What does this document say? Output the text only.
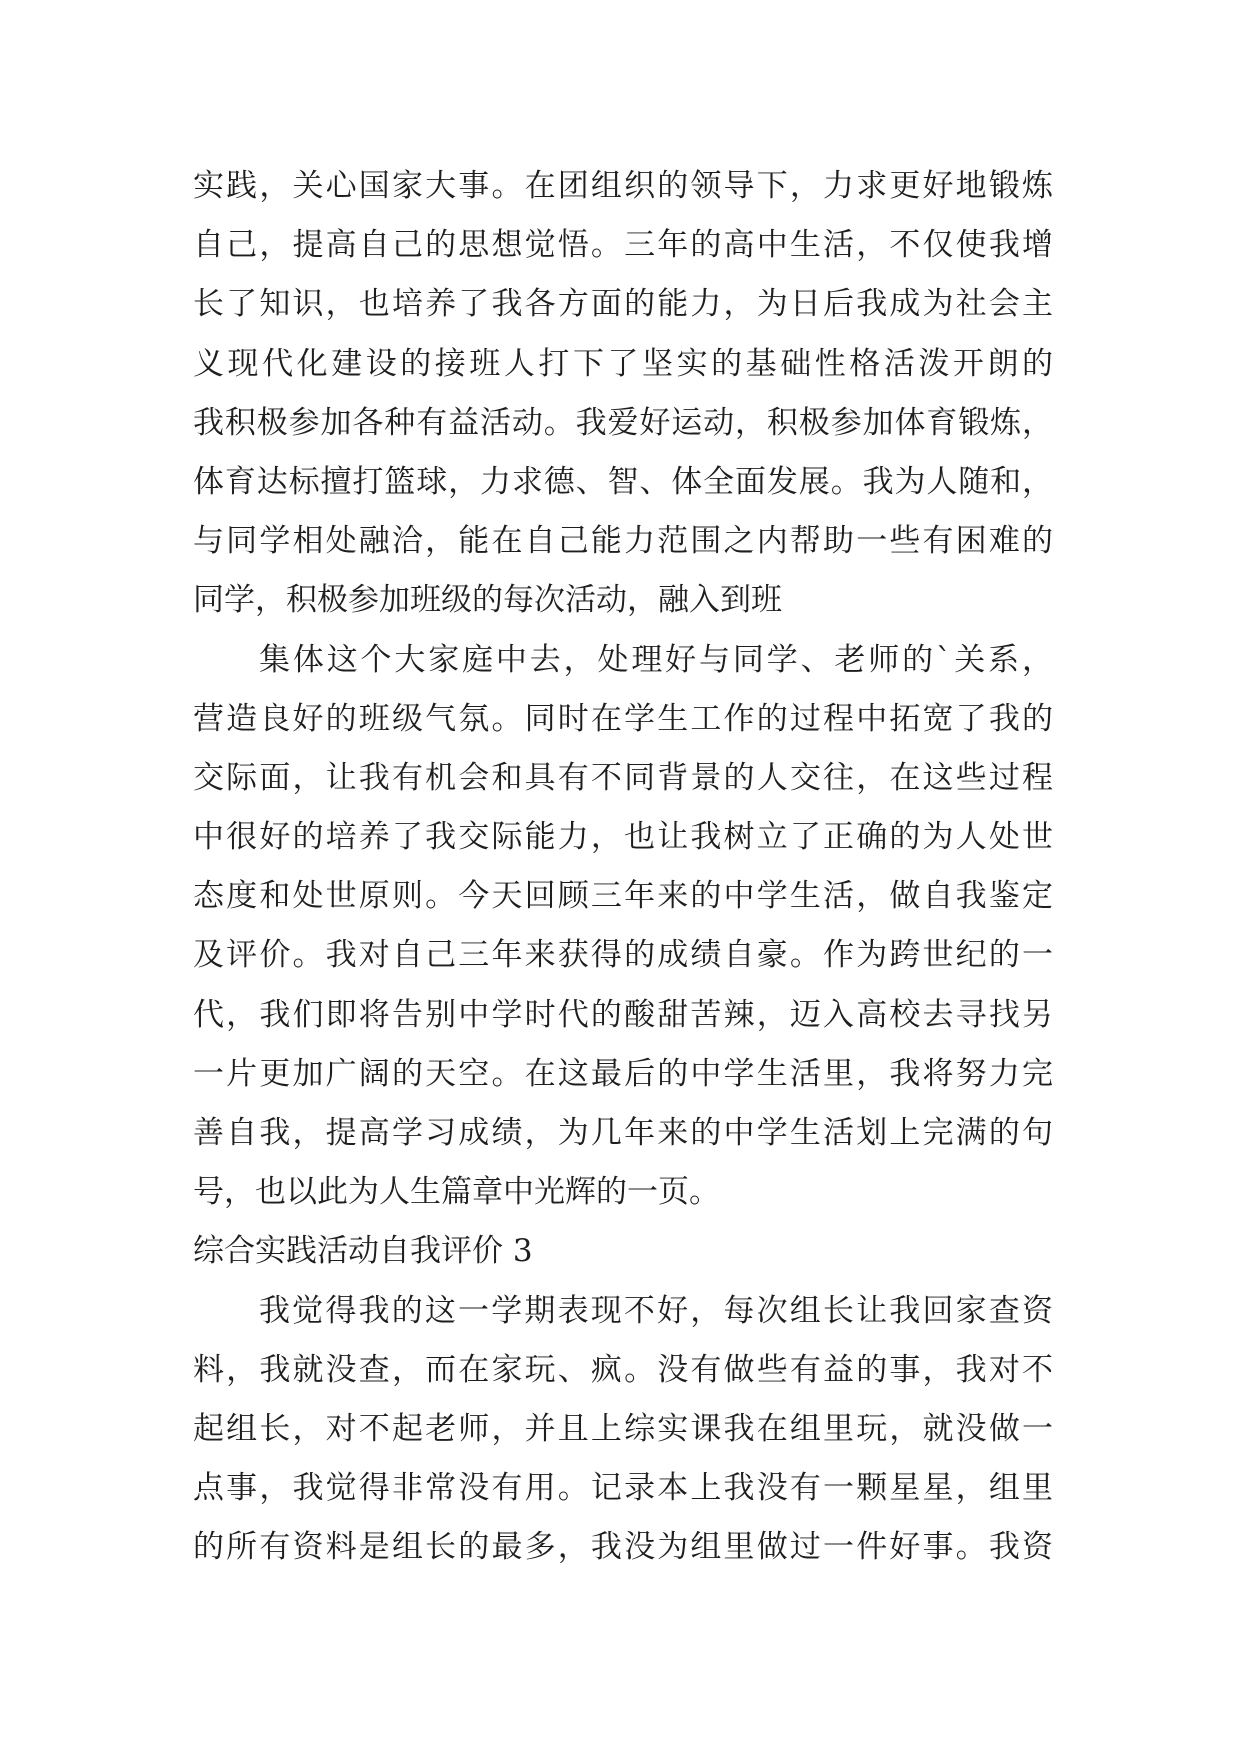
实践，关心国家大事。在团组织的领导下，力求更好地锻炼
自己，提高自己的思想觉悟。三年的高中生活，不仅使我增
长了知识，也培养了我各方面的能力，为日后我成为社会主
义现代化建设的接班人打下了坚实的基础性格活泼开朗的
我积极参加各种有益活动。我爱好运动，积极参加体育锻炼，
体育达标擅打篮球，力求德、智、体全面发展。我为人随和，
与同学相处融洽，能在自己能力范围之内帮助一些有困难的
同学，积极参加班级的每次活动，融入到班
集体这个大家庭中去，处理好与同学、老师的`关系，
营造良好的班级气氛。同时在学生工作的过程中拓宽了我的
交际面，让我有机会和具有不同背景的人交往，在这些过程
中很好的培养了我交际能力，也让我树立了正确的为人处世
态度和处世原则。今天回顾三年来的中学生活，做自我鉴定
及评价。我对自己三年来获得的成绩自豪。作为跨世纪的一
代，我们即将告别中学时代的酸甜苦辣，迈入高校去寻找另
一片更加广阔的天空。在这最后的中学生活里，我将努力完
善自我，提高学习成绩，为几年来的中学生活划上完满的句
号，也以此为人生篇章中光辉的一页。
综合实践活动自我评价 3
我觉得我的这一学期表现不好，每次组长让我回家查资
料，我就没查，而在家玩、疯。没有做些有益的事，我对不
起组长，对不起老师，并且上综实课我在组里玩，就没做一
点事，我觉得非常没有用。记录本上我没有一颗星星，组里
的所有资料是组长的最多，我没为组里做过一件好事。我资
